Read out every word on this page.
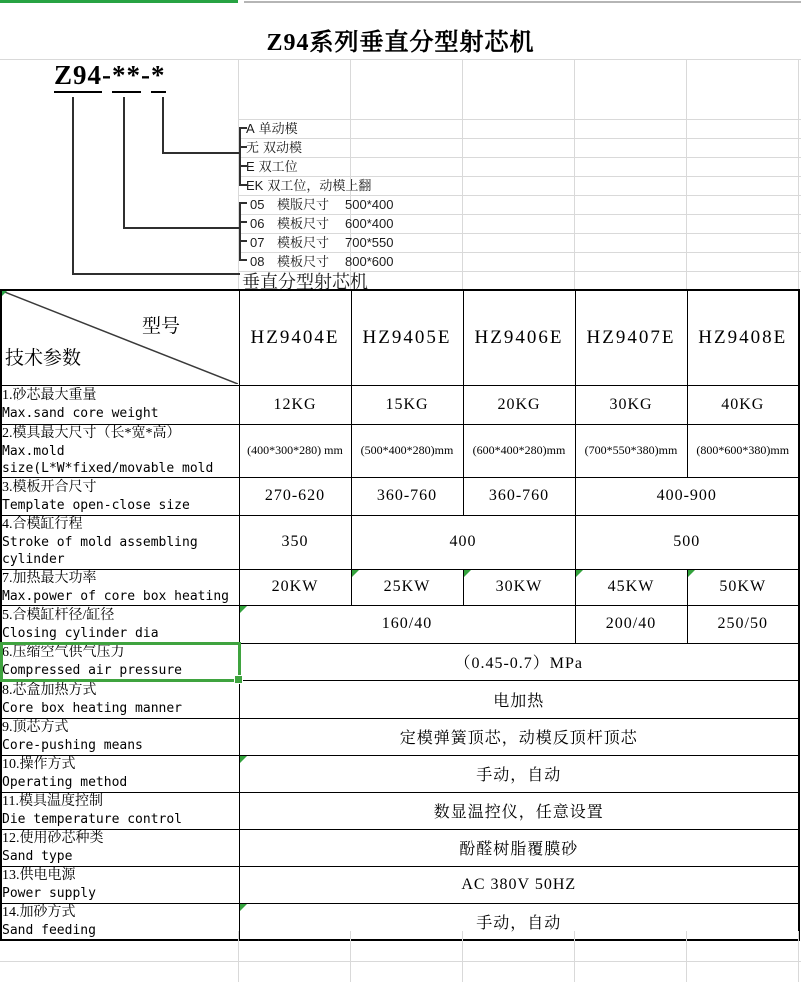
Z94系列垂直分型射芯机
Z94-**-*
A 单动模
无 双动模
E 双工位
EK 双工位，动模上翻
05 模版尺寸	500*400
06 模板尺寸	600*400
07 模板尺寸	700*550
08 模板尺寸	800*600
垂直分型射芯机
型号
技术参数	HZ9404E	HZ9405E	HZ9406E	HZ9407E	HZ9408E

1.砂芯最大重量
Max.sand core weight	12KG	15KG	20KG	30KG	40KG

2.模具最大尺寸（长*宽*高）
Max.mold size(L*W*fixed/movable mold	(400*300*280) mm	(500*400*280)mm	(600*400*280)mm	(700*550*380)mm	(800*600*380)mm

3.模板开合尺寸
Template open-close size	270-620	360-760	360-760	400-900	

4.合模缸行程
Stroke of mold assembling cylinder	350	400		500	

7.加热最大功率
Max.power of core box heating	20KW	25KW	30KW	45KW	50KW

5.合模缸杆径/缸径
Closing cylinder dia	160/40			200/40	250/50

6.压缩空气供气压力
Compressed air pressure	（0.45-0.7）MPa				

8.芯盒加热方式
Core box heating manner	电加热				

9.顶芯方式
Core-pushing means	定模弹簧顶芯，动模反顶杆顶芯				

10.操作方式
Operating method	手动，自动				

11.模具温度控制
Die temperature control	数显温控仪，任意设置				

12.使用砂芯种类
Sand type	酚醛树脂覆膜砂				

13.供电电源
Power supply	AC 380V 50HZ				

14.加砂方式
Sand feeding	手动，自动				
